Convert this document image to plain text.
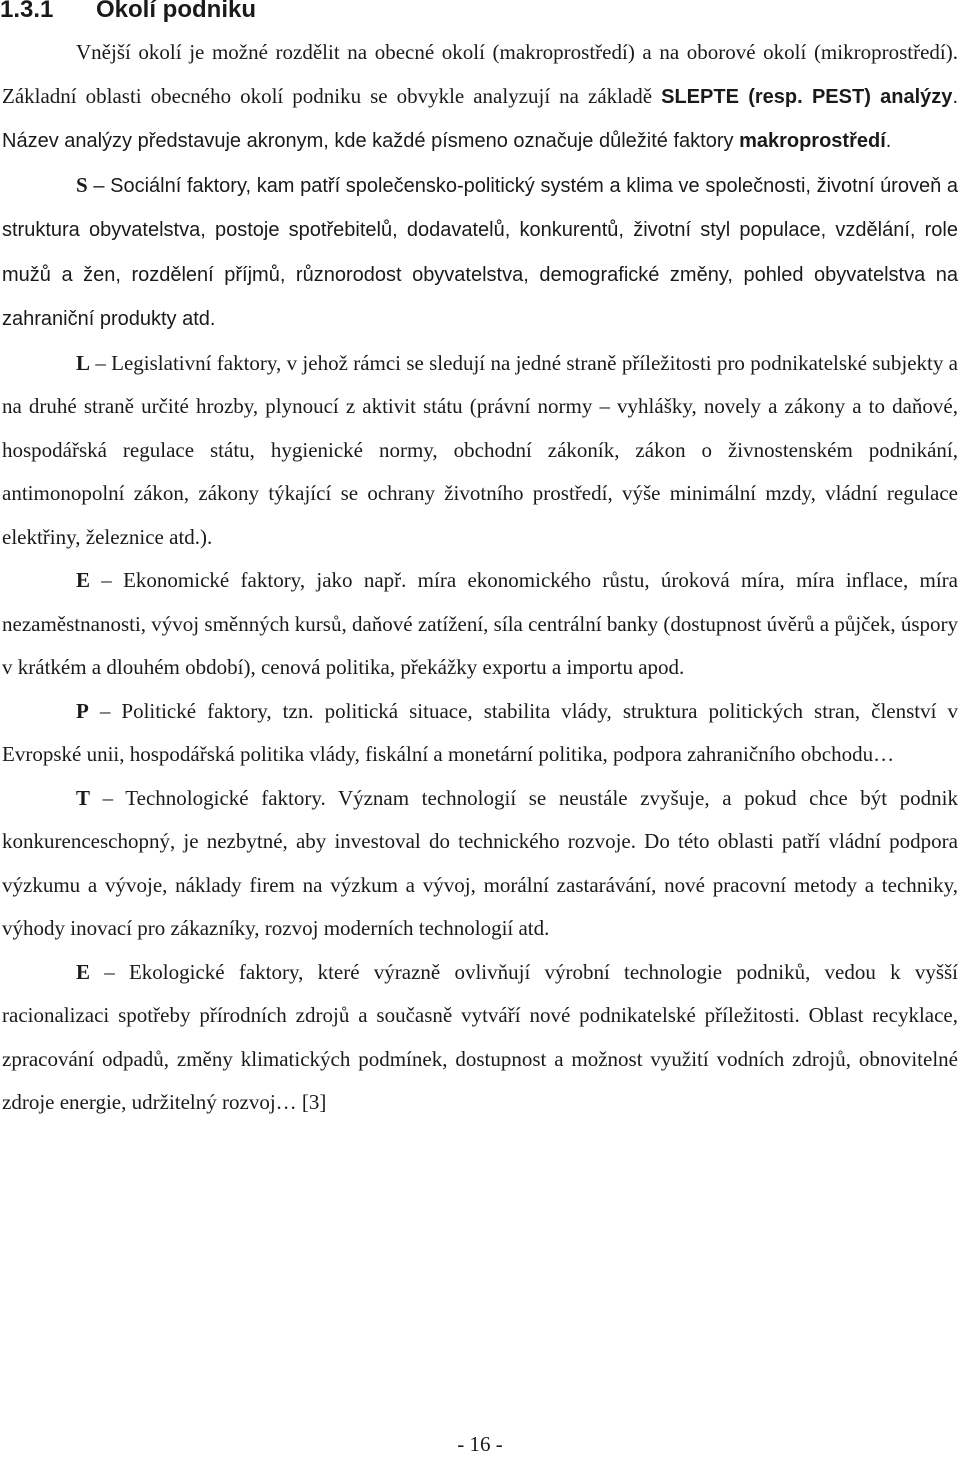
1.3.1 Okolí podniku

Vnější okolí je možné rozdělit na obecné okolí (makroprostředí) a na oborové okolí (mikroprostředí). Základní oblasti obecného okolí podniku se obvykle analyzují na základě SLEPTE (resp. PEST) analýzy. Název analýzy představuje akronym, kde každé písmeno označuje důležité faktory makroprostředí.

S – Sociální faktory, kam patří společensko-politický systém a klima ve společnosti, životní úroveň a struktura obyvatelstva, postoje spotřebitelů, dodavatelů, konkurentů, životní styl populace, vzdělání, role mužů a žen, rozdělení příjmů, různorodost obyvatelstva, demografické změny, pohled obyvatelstva na zahraniční produkty atd.

L – Legislativní faktory, v jehož rámci se sledují na jedné straně příležitosti pro podnikatelské subjekty a na druhé straně určité hrozby, plynoucí z aktivit státu (právní normy – vyhlášky, novely a zákony a to daňové, hospodářská regulace státu, hygienické normy, obchodní zákoník, zákon o živnostenském podnikání, antimonopolní zákon, zákony týkající se ochrany životního prostředí, výše minimální mzdy, vládní regulace elektřiny, železnice atd.).

E – Ekonomické faktory, jako např. míra ekonomického růstu, úroková míra, míra inflace, míra nezaměstnanosti, vývoj směnných kursů, daňové zatížení, síla centrální banky (dostupnost úvěrů a půjček, úspory v krátkém a dlouhém období), cenová politika, překážky exportu a importu apod.

P – Politické faktory, tzn. politická situace, stabilita vlády, struktura politických stran, členství v Evropské unii, hospodářská politika vlády, fiskální a monetární politika, podpora zahraničního obchodu…

T – Technologické faktory. Význam technologií se neustále zvyšuje, a pokud chce být podnik konkurenceschopný, je nezbytné, aby investoval do technického rozvoje. Do této oblasti patří vládní podpora výzkumu a vývoje, náklady firem na výzkum a vývoj, morální zastarávání, nové pracovní metody a techniky, výhody inovací pro zákazníky, rozvoj moderních technologií atd.

E – Ekologické faktory, které výrazně ovlivňují výrobní technologie podniků, vedou k vyšší racionalizaci spotřeby přírodních zdrojů a současně vytváří nové podnikatelské příležitosti. Oblast recyklace, zpracování odpadů, změny klimatických podmínek, dostupnost a možnost využití vodních zdrojů, obnovitelné zdroje energie, udržitelný rozvoj… [3]

- 16 -
